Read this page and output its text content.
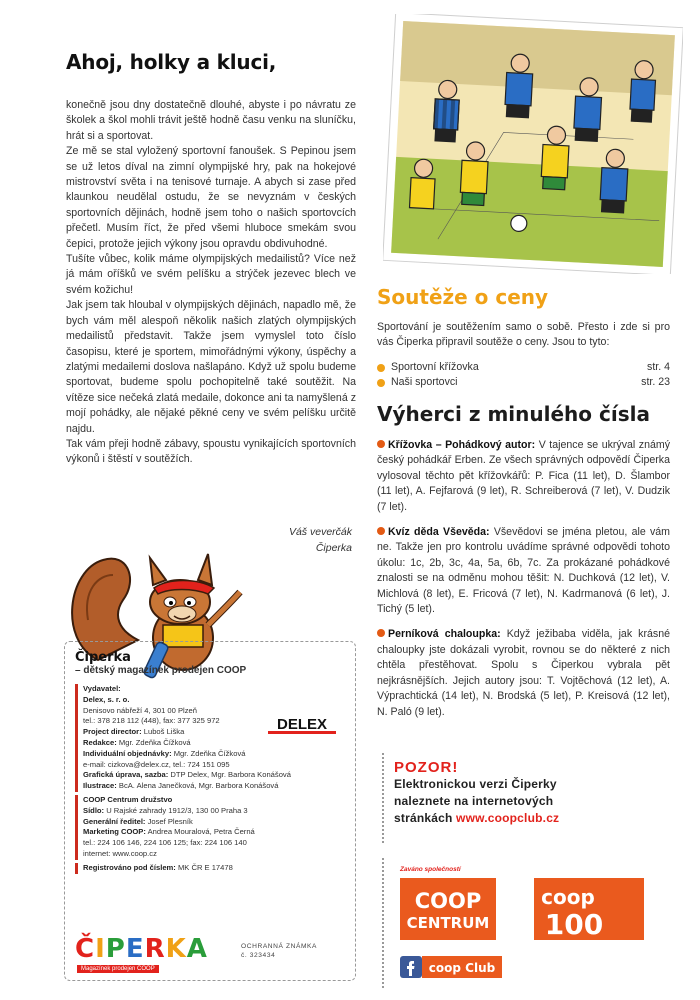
Ahoj, holky a kluci,

konečně jsou dny dostatečně dlouhé, abyste i po návratu ze školek a škol mohli trávit ještě hodně času venku na sluníčku, hrát si a sportovat.

Ze mě se stal vyložený sportovní fanoušek. S Pepinou jsem se už letos díval na zimní olympijské hry, pak na hokejové mistrovství světa i na tenisové turnaje. A abych si zase před klaunkou neudělal ostudu, že se nevyznám v českých sportovních dějinách, hodně jsem toho o našich sportovcích přečetl. Musím říct, že před všemi hluboce smekám svou čepici, protože jejich výkony jsou opravdu obdivuhodné.

Tušíte vůbec, kolik máme olympijských medailistů? Více než já mám oříšků ve svém pelíšku a strýček jezevec blech ve svém kožichu!

Jak jsem tak hloubal v olympijských dějinách, napadlo mě, že bych vám měl alespoň několik našich zlatých olympijských medailistů představit. Takže jsem vymyslel toto číslo časopisu, které je sportem, mimořádnými výkony, úspěchy a zlatými medailemi doslova našlapáno. Když už spolu budeme sportovat, budeme spolu pochopitelně také soutěžit. Na vítěze sice nečeká zlatá medaile, dokonce ani ta namyšlená z mojí pohádky, ale nějaké pěkné ceny ve svém pelíšku určitě najdu.

Tak vám přeji hodně zábavy, spoustu vynikajících sportovních výkonů i štěstí v soutěžích.

Váš veverčák
Čiperka
Čiperka
– dětský magazínek prodejen COOP
Vydavatel:
Delex, s. r. o.
Denisovo nábřeží 4, 301 00 Plzeň
tel.: 378 218 112 (448), fax: 377 325 972
Project director: Luboš Liška
Redakce: Mgr. Zdeňka Čížková
Individuální objednávky: Mgr. Zdeňka Čížková
e-mail: cizkova@delex.cz, tel.: 724 151 095
Grafická úprava, sazba: DTP Delex, Mgr. Barbora Konášová
Ilustrace: BcA. Alena Janečková, Mgr. Barbora Konášová
COOP Centrum družstvo
Sídlo: U Rajské zahrady 1912/3, 130 00 Praha 3
Generální ředitel: Josef Plesník
Marketing COOP: Andrea Mouralová, Petra Černá
tel.: 224 106 146, 224 106 125; fax: 224 106 140
internet: www.coop.cz
Registrováno pod číslem: MK ČR E 17478
DELEX
ČIPERKA
Magazínek prodejen COOP
OCHRANNÁ ZNÁMKA
č. 323434
Soutěže o ceny
Sportování je soutěžením samo o sobě. Přesto i zde si pro vás Čiperka připravil soutěže o ceny. Jsou to tyto:
Sportovní křížovka	str. 4
Naši sportovci	str. 23
Výherci z minulého čísla

Křížovka – Pohádkový autor: V tajence se ukrýval známý český pohádkář Erben. Ze všech správných odpovědí Čiperka vylosoval těchto pět křížovkářů: P. Fica (11 let), D. Šlambor (11 let), A. Fejfarová (9 let), R. Schreiberová (7 let), V. Dudzik (7 let).

Kvíz děda Vševěda: Vševědovi se jména pletou, ale vám ne. Takže jen pro kontrolu uvádíme správné odpovědi tohoto úkolu: 1c, 2b, 3c, 4a, 5a, 6b, 7c. Za prokázané pohádkové znalosti se na odměnu mohou těšit: N. Duchková (12 let), V. Michlová (8 let), E. Fricová (7 let), N. Kadrmanová (6 let), J. Tichý (5 let).

Perníková chaloupka: Když ježibaba viděla, jak krásné chaloupky jste dokázali vyrobit, rovnou se do některé z nich chtěla přestěhovat. Spolu s Čiperkou vybrala pět nejkrásnějších. Jejich autory jsou: T. Vojtěchová (12 let), A. Výprachtická (14 let), N. Brodská (5 let), P. Kreisová (12 let), N. Paló (9 let).

POZOR!
Elektronickou verzi Čiperky
naleznete na internetových
stránkách www.coopclub.cz
Zaváno společností
COOP
CENTRUM
coop
100
coop Club
